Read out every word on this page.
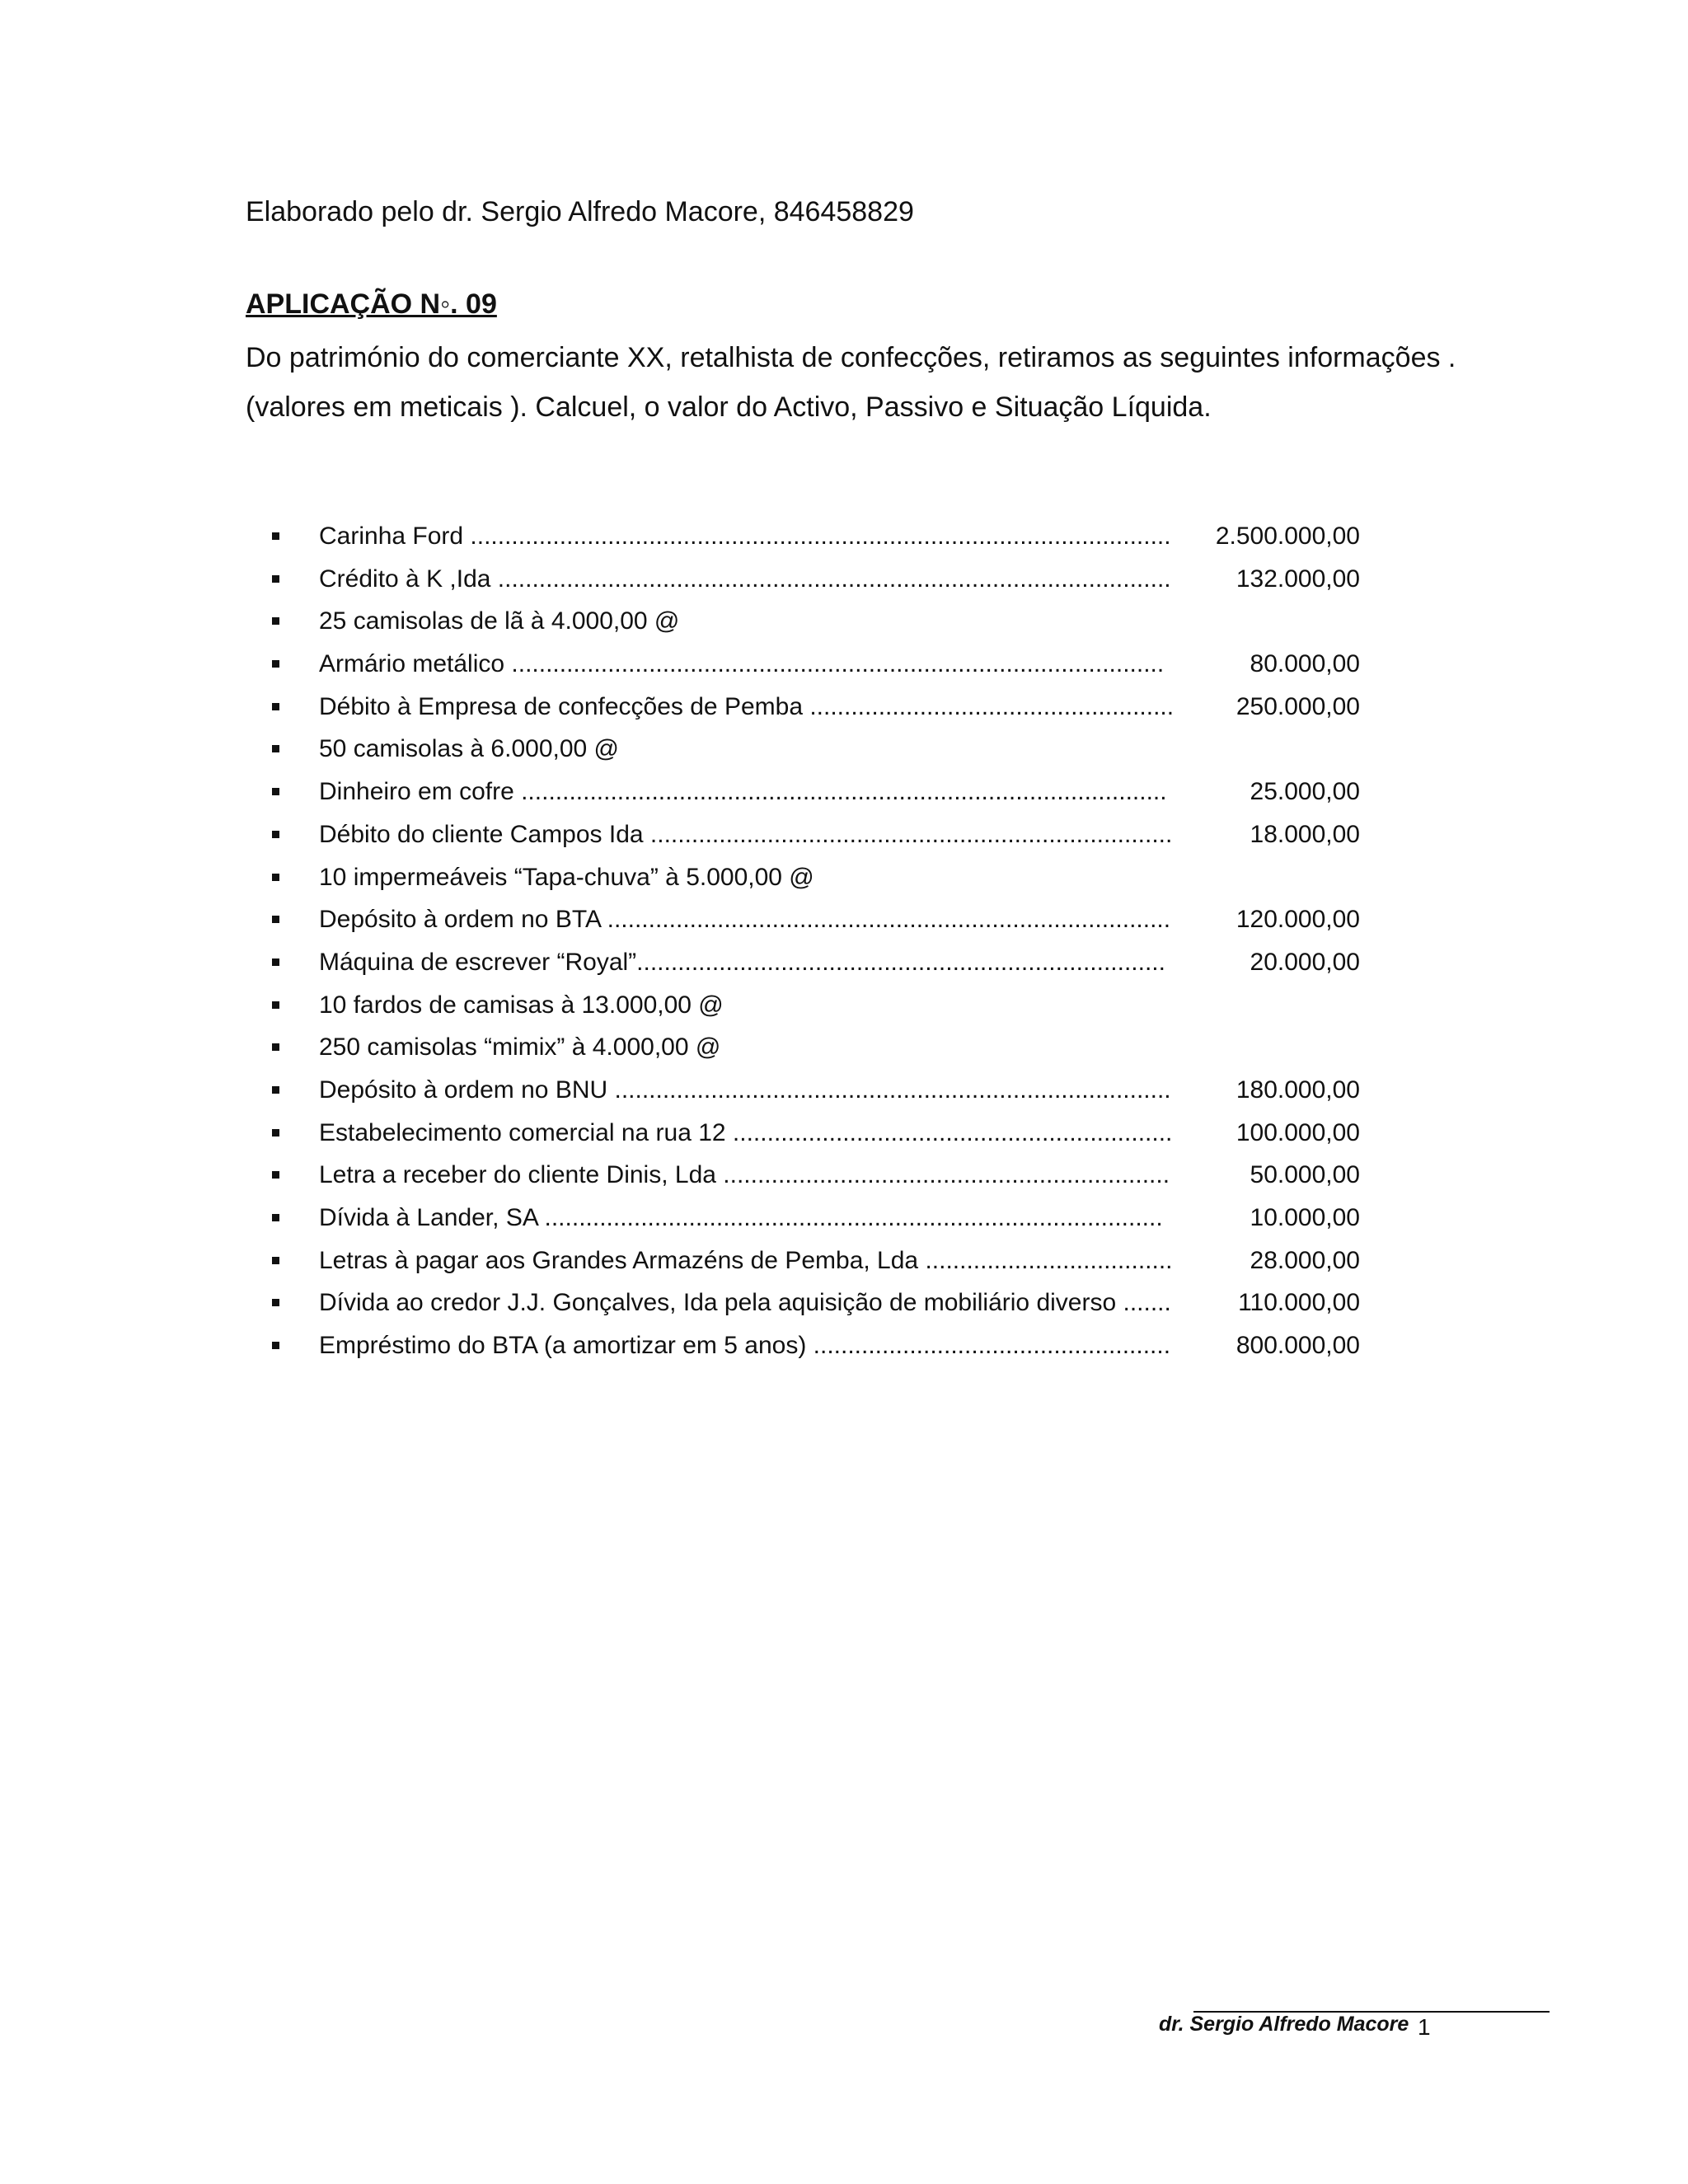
Elaborado pelo dr. Sergio Alfredo Macore, 846458829
APLICAÇÃO N◦. 09
Do património do comerciante XX, retalhista de confecções, retiramos as seguintes informações .
(valores em meticais ). Calcuel, o valor do Activo, Passivo e Situação Líquida.
Carinha Ford ...................................................................................................... 2.500.000,00
Crédito à K ,Ida ..................................................................................................	132.000,00
25 camisolas de lã à 4.000,00 @
Armário metálico ...............................................................................................	80.000,00
Débito à Empresa de confecções de Pemba .....................................................	250.000,00
50 camisolas à 6.000,00 @
Dinheiro em cofre ..............................................................................................	25.000,00
Débito do cliente Campos Ida ............................................................................	18.000,00
10 impermeáveis “Tapa-chuva” à 5.000,00 @
Depósito à ordem no BTA ..................................................................................	120.000,00
Máquina de escrever “Royal”.............................................................................	20.000,00
10 fardos de camisas à 13.000,00 @
250 camisolas “mimix” à 4.000,00 @
Depósito à ordem no BNU .................................................................................	180.000,00
Estabelecimento comercial na rua 12 ................................................................	100.000,00
Letra a receber do cliente Dinis, Lda .................................................................	50.000,00
Dívida à Lander, SA ..........................................................................................	10.000,00
Letras à pagar aos Grandes Armazéns de Pemba, Lda ....................................	28.000,00
Dívida ao credor J.J. Gonçalves, Ida pela aquisição de mobiliário diverso .......	110.000,00
Empréstimo do BTA (a amortizar em 5 anos) ....................................................	800.000,00
dr. Sergio Alfredo Macore 1
